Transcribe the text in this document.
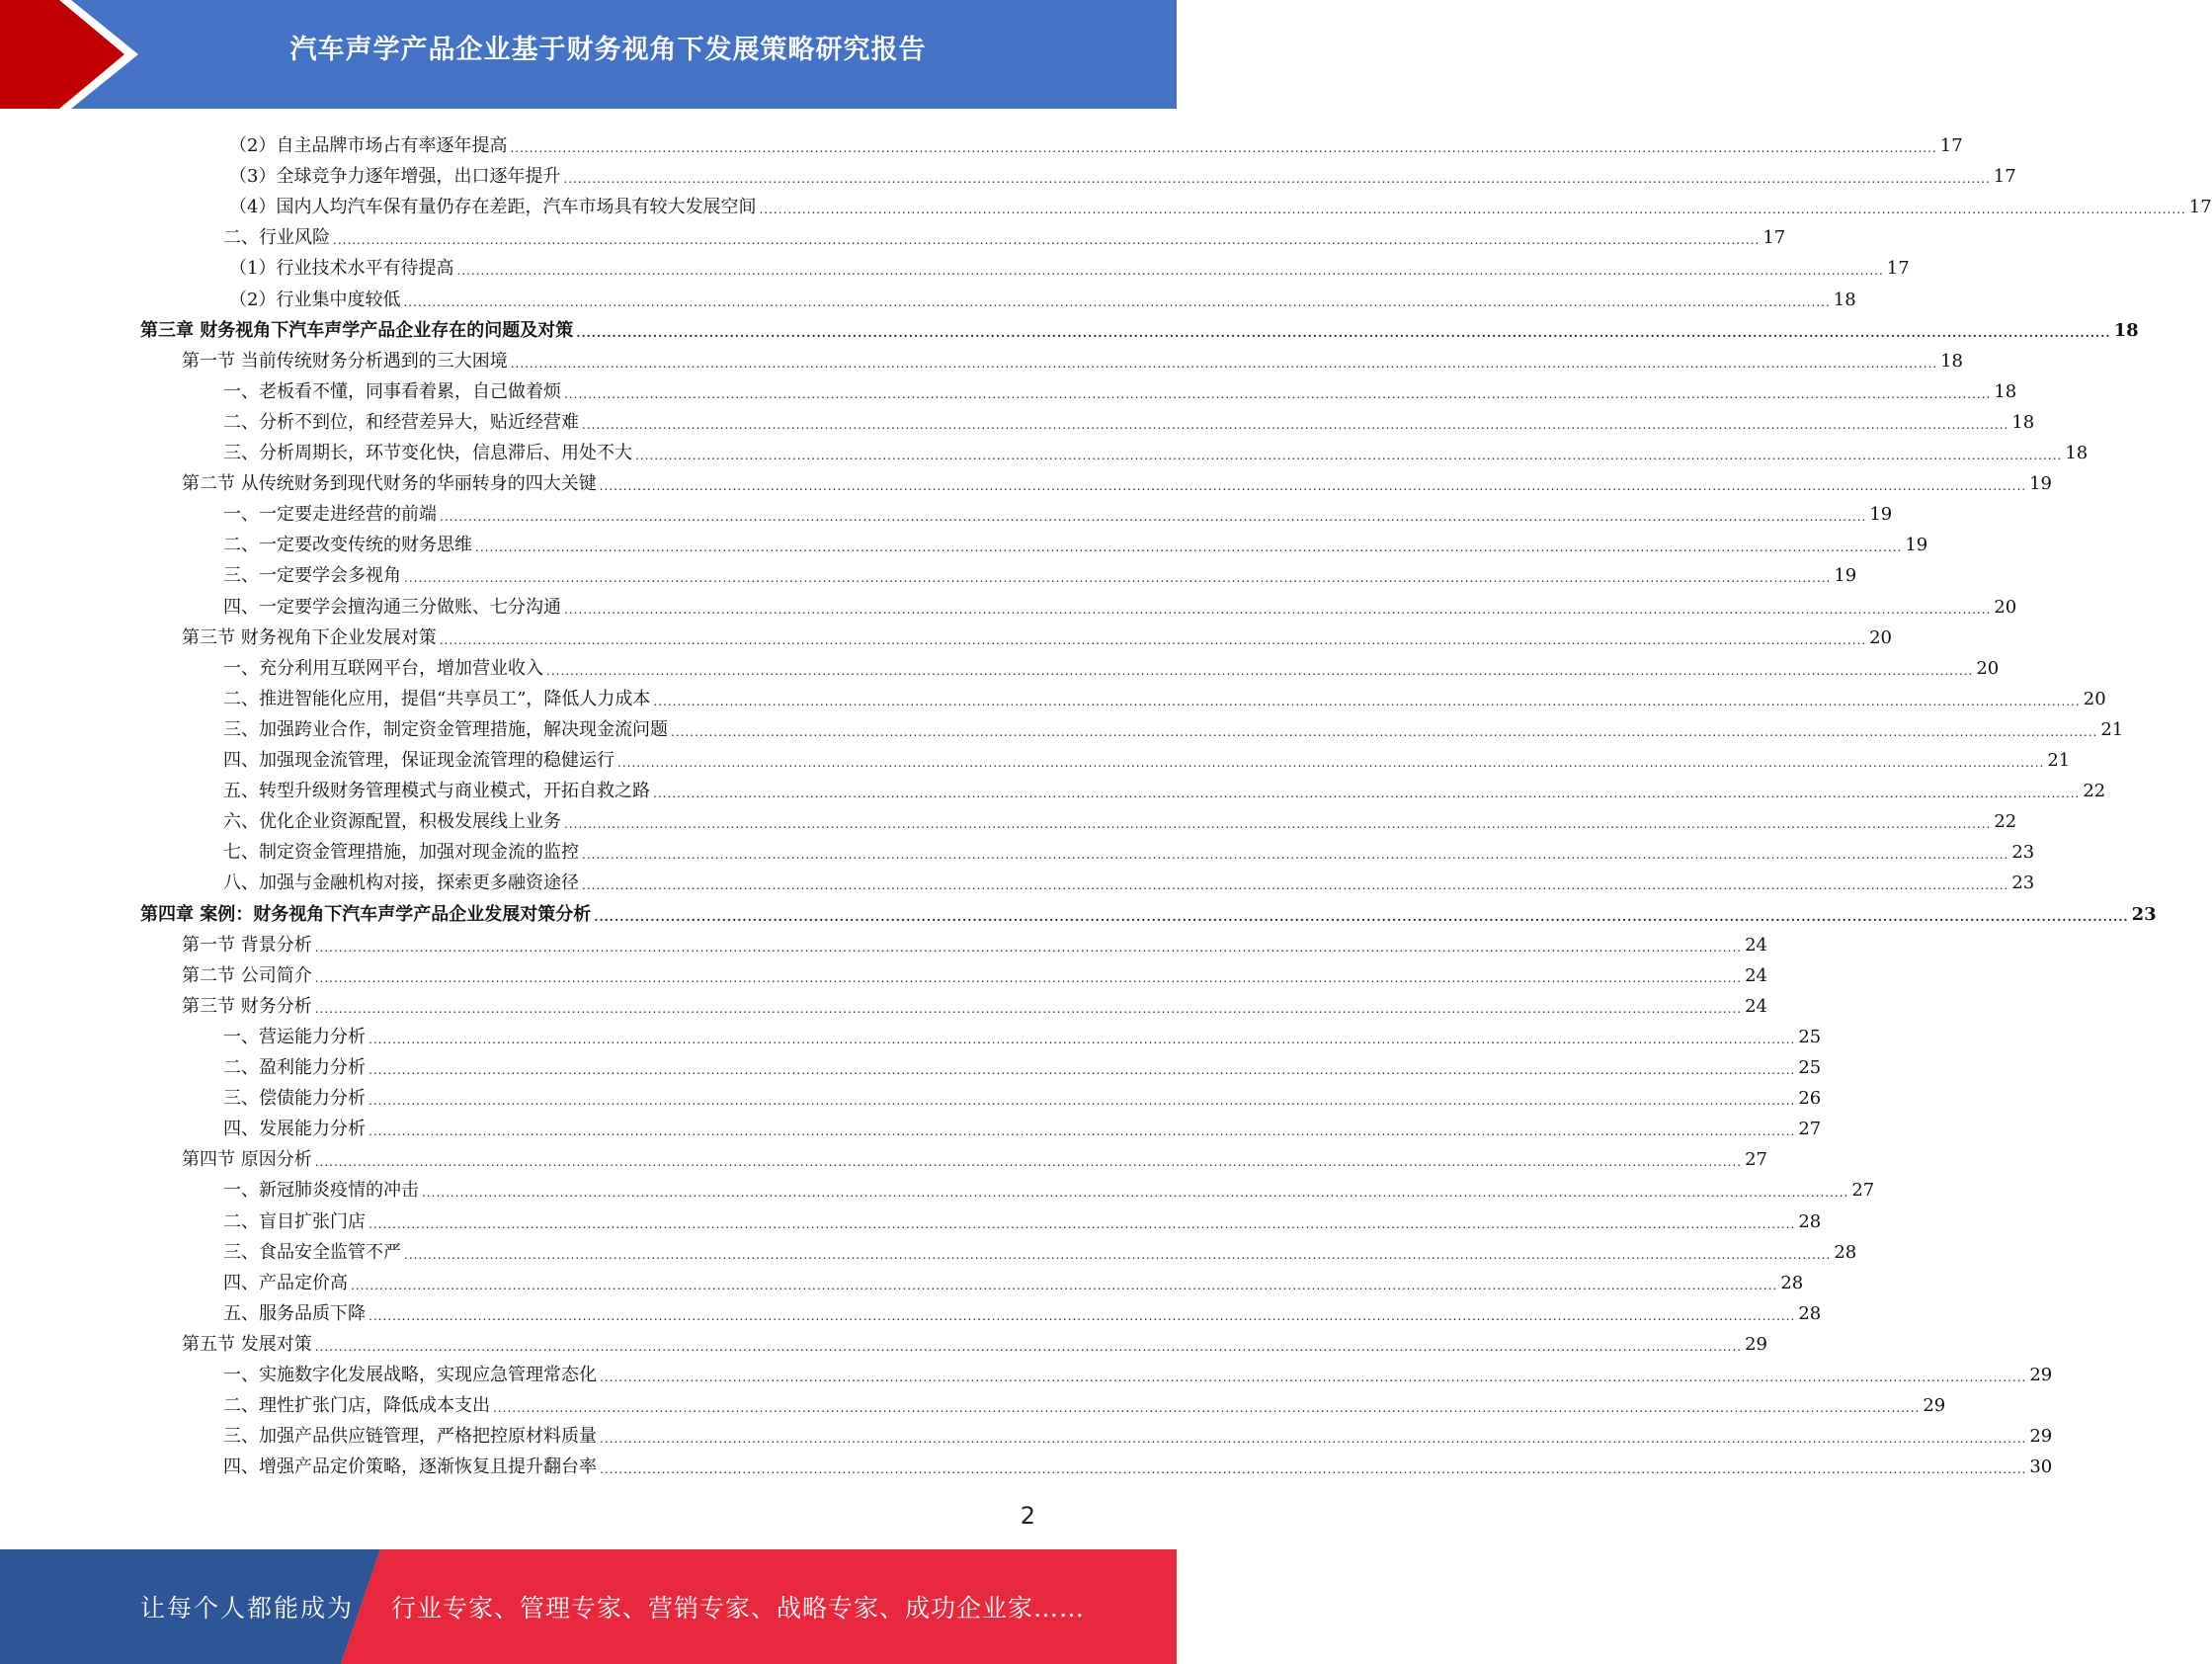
汽车声学产品企业基于财务视角下发展策略研究报告
（2）自主品牌市场占有率逐年提高 ............................................................................................................................................................................................................................................................................................................ 17
（3）全球竞争力逐年增强，出口逐年提升 ............................................................................................................................................................................................................................................................................................................ 17
（4）国内人均汽车保有量仍存在差距，汽车市场具有较大发展空间 ............................................................................................................................................................................................................................................................................................................ 17
二、行业风险 ............................................................................................................................................................................................................................................................................................................ 17
（1）行业技术水平有待提高 ............................................................................................................................................................................................................................................................................................................ 17
（2）行业集中度较低 ............................................................................................................................................................................................................................................................................................................ 18
第三章 财务视角下汽车声学产品企业存在的问题及对策 ............................................................................................................................................................................................................................................................................................................ 18
第一节 当前传统财务分析遇到的三大困境 ............................................................................................................................................................................................................................................................................................................ 18
一、老板看不懂，同事看着累，自己做着烦 ............................................................................................................................................................................................................................................................................................................ 18
二、分析不到位，和经营差异大，贴近经营难 ............................................................................................................................................................................................................................................................................................................ 18
三、分析周期长，环节变化快，信息滞后、用处不大 ............................................................................................................................................................................................................................................................................................................ 18
第二节 从传统财务到现代财务的华丽转身的四大关键 ............................................................................................................................................................................................................................................................................................................ 19
一、一定要走进经营的前端 ............................................................................................................................................................................................................................................................................................................ 19
二、一定要改变传统的财务思维 ............................................................................................................................................................................................................................................................................................................ 19
三、一定要学会多视角 ............................................................................................................................................................................................................................................................................................................ 19
四、一定要学会擅沟通三分做账、七分沟通 ............................................................................................................................................................................................................................................................................................................ 20
第三节 财务视角下企业发展对策 ............................................................................................................................................................................................................................................................................................................ 20
一、充分利用互联网平台，增加营业收入 ............................................................................................................................................................................................................................................................................................................ 20
二、推进智能化应用，提倡“共享员工”，降低人力成本 ............................................................................................................................................................................................................................................................................................................ 20
三、加强跨业合作，制定资金管理措施，解决现金流问题 ............................................................................................................................................................................................................................................................................................................ 21
四、加强现金流管理，保证现金流管理的稳健运行 ............................................................................................................................................................................................................................................................................................................ 21
五、转型升级财务管理模式与商业模式，开拓自救之路 ............................................................................................................................................................................................................................................................................................................ 22
六、优化企业资源配置，积极发展线上业务 ............................................................................................................................................................................................................................................................................................................ 22
七、制定资金管理措施，加强对现金流的监控 ............................................................................................................................................................................................................................................................................................................ 23
八、加强与金融机构对接，探索更多融资途径 ............................................................................................................................................................................................................................................................................................................ 23
第四章 案例：财务视角下汽车声学产品企业发展对策分析 ............................................................................................................................................................................................................................................................................................................ 23
第一节 背景分析 ............................................................................................................................................................................................................................................................................................................ 24
第二节 公司简介 ............................................................................................................................................................................................................................................................................................................ 24
第三节 财务分析 ............................................................................................................................................................................................................................................................................................................ 24
一、营运能力分析 ............................................................................................................................................................................................................................................................................................................ 25
二、盈利能力分析 ............................................................................................................................................................................................................................................................................................................ 25
三、偿债能力分析 ............................................................................................................................................................................................................................................................................................................ 26
四、发展能力分析 ............................................................................................................................................................................................................................................................................................................ 27
第四节 原因分析 ............................................................................................................................................................................................................................................................................................................ 27
一、新冠肺炎疫情的冲击 ............................................................................................................................................................................................................................................................................................................ 27
二、盲目扩张门店 ............................................................................................................................................................................................................................................................................................................ 28
三、食品安全监管不严 ............................................................................................................................................................................................................................................................................................................ 28
四、产品定价高 ............................................................................................................................................................................................................................................................................................................ 28
五、服务品质下降 ............................................................................................................................................................................................................................................................................................................ 28
第五节 发展对策 ............................................................................................................................................................................................................................................................................................................ 29
一、实施数字化发展战略，实现应急管理常态化 ............................................................................................................................................................................................................................................................................................................ 29
二、理性扩张门店，降低成本支出 ............................................................................................................................................................................................................................................................................................................ 29
三、加强产品供应链管理，严格把控原材料质量 ............................................................................................................................................................................................................................................................................................................ 29
四、增强产品定价策略，逐渐恢复且提升翻台率 ............................................................................................................................................................................................................................................................................................................ 30
2
让每个人都能成为 行业专家、管理专家、营销专家、战略专家、成功企业家……
